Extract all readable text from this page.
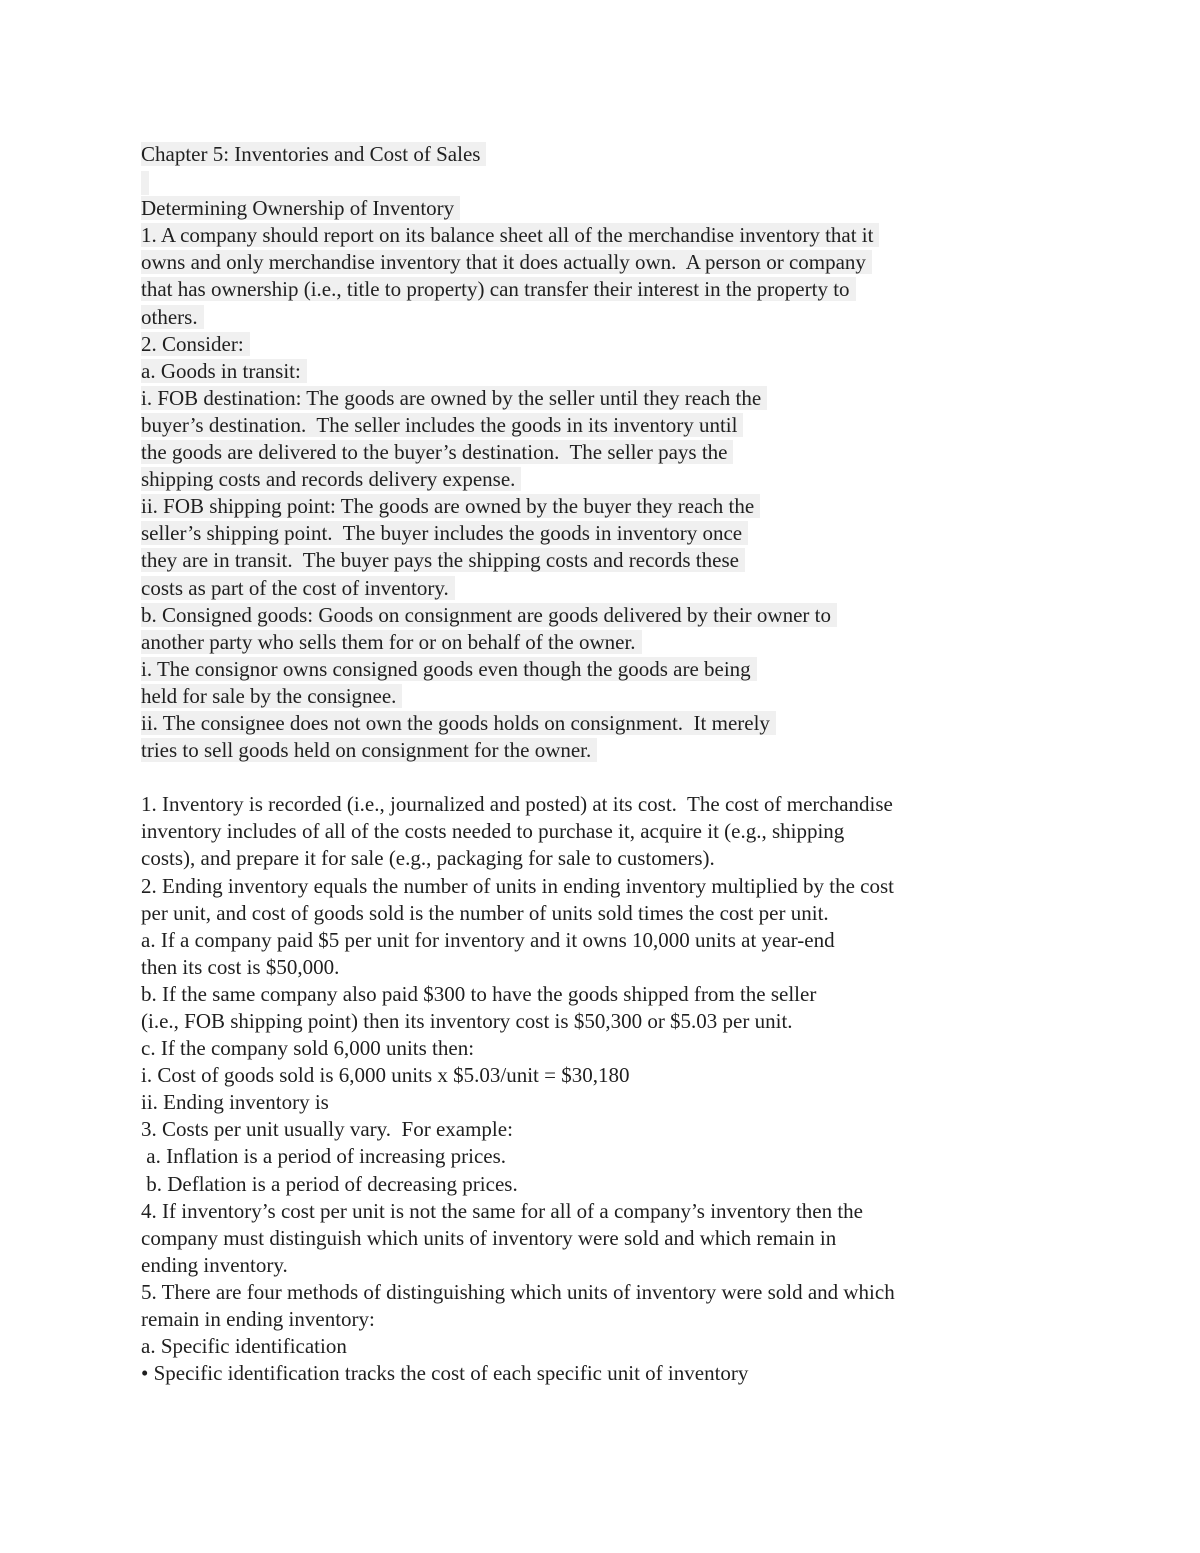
Chapter 5: Inventories and Cost of Sales
Determining Ownership of Inventory
1. A company should report on its balance sheet all of the merchandise inventory that it
owns and only merchandise inventory that it does actually own.  A person or company
that has ownership (i.e., title to property) can transfer their interest in the property to
others.
2. Consider:
a. Goods in transit:
i. FOB destination: The goods are owned by the seller until they reach the
buyer’s destination.  The seller includes the goods in its inventory until
the goods are delivered to the buyer’s destination.  The seller pays the
shipping costs and records delivery expense.
ii. FOB shipping point: The goods are owned by the buyer they reach the
seller’s shipping point.  The buyer includes the goods in inventory once
they are in transit.  The buyer pays the shipping costs and records these
costs as part of the cost of inventory.
b. Consigned goods: Goods on consignment are goods delivered by their owner to
another party who sells them for or on behalf of the owner.
i. The consignor owns consigned goods even though the goods are being
held for sale by the consignee.
ii. The consignee does not own the goods holds on consignment.  It merely
tries to sell goods held on consignment for the owner.
1. Inventory is recorded (i.e., journalized and posted) at its cost.  The cost of merchandise
inventory includes of all of the costs needed to purchase it, acquire it (e.g., shipping
costs), and prepare it for sale (e.g., packaging for sale to customers).
2. Ending inventory equals the number of units in ending inventory multiplied by the cost
per unit, and cost of goods sold is the number of units sold times the cost per unit.
a. If a company paid $5 per unit for inventory and it owns 10,000 units at year-end
then its cost is $50,000.
b. If the same company also paid $300 to have the goods shipped from the seller
(i.e., FOB shipping point) then its inventory cost is $50,300 or $5.03 per unit.
c. If the company sold 6,000 units then:
i. Cost of goods sold is 6,000 units x $5.03/unit = $30,180
ii. Ending inventory is
3. Costs per unit usually vary.  For example:
a. Inflation is a period of increasing prices.
b. Deflation is a period of decreasing prices.
4. If inventory’s cost per unit is not the same for all of a company’s inventory then the
company must distinguish which units of inventory were sold and which remain in
ending inventory.
5. There are four methods of distinguishing which units of inventory were sold and which
remain in ending inventory:
a. Specific identification
• Specific identification tracks the cost of each specific unit of inventory
